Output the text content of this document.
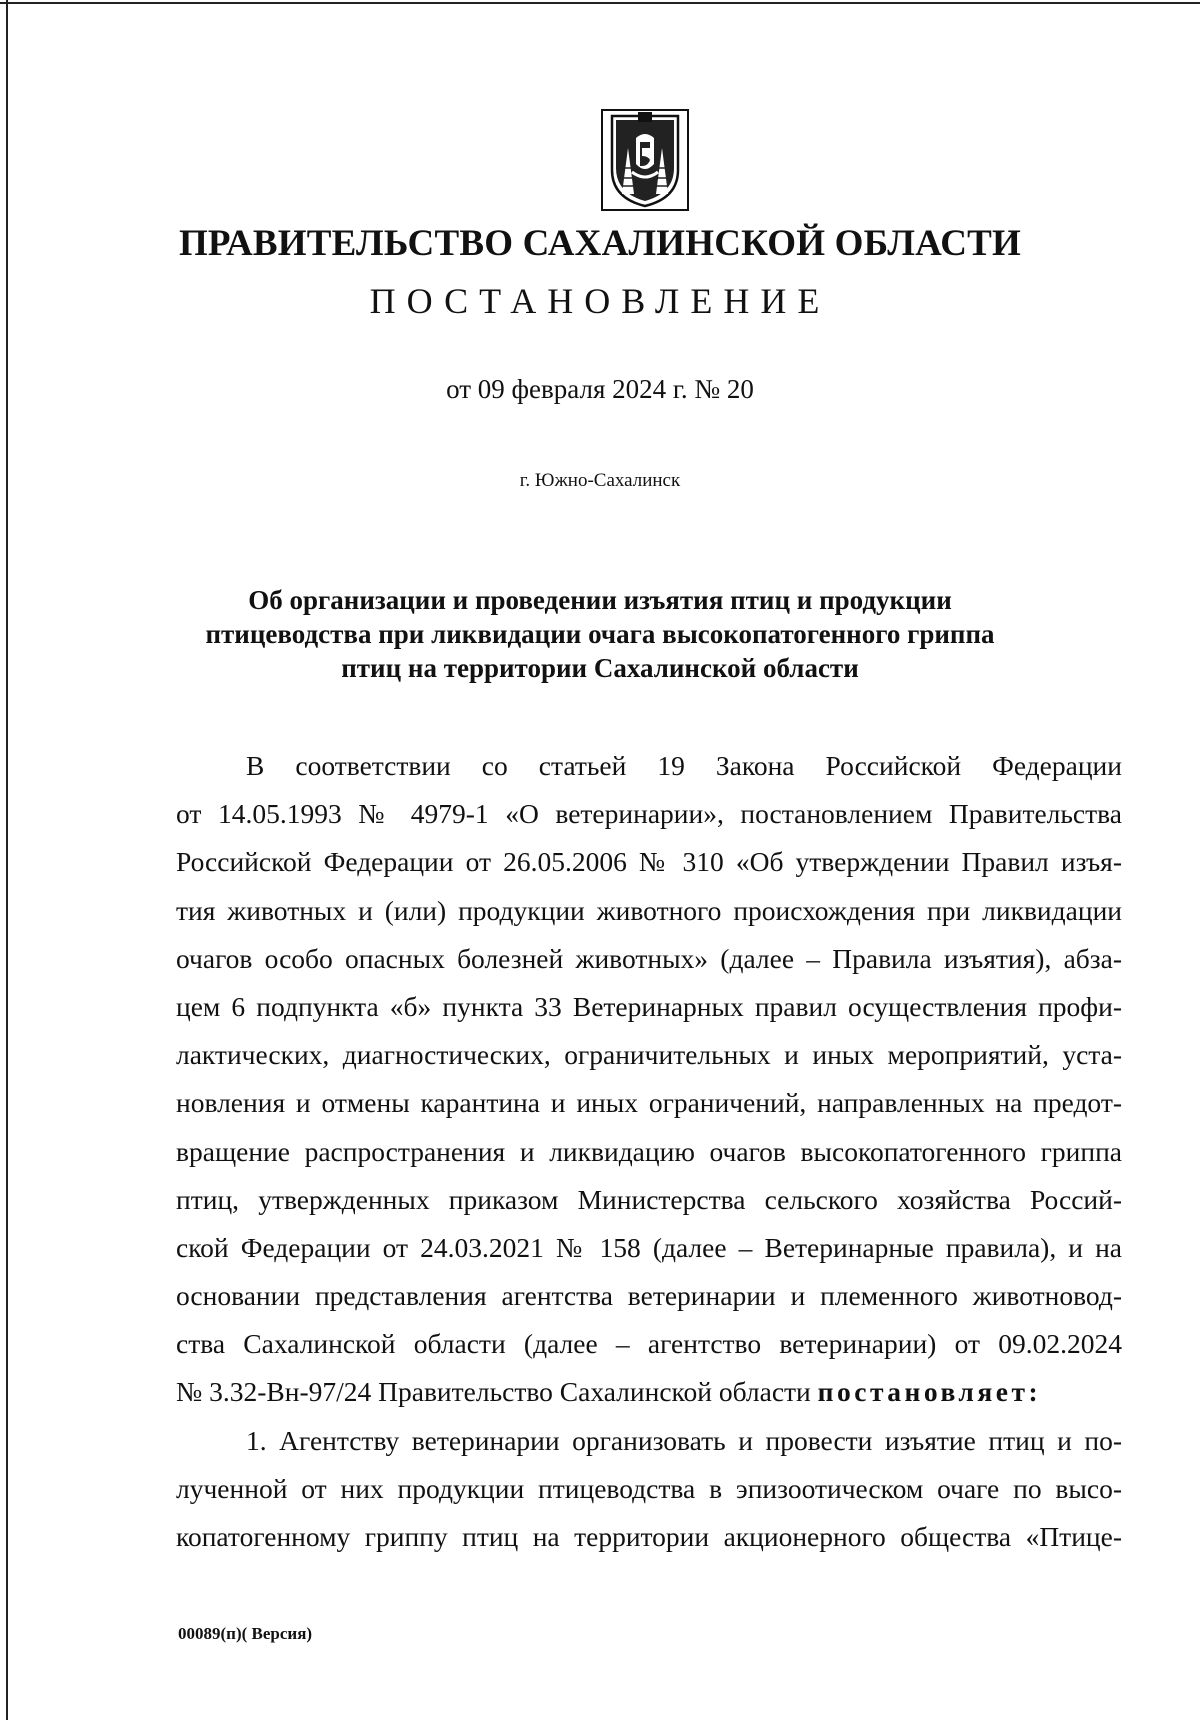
ПРАВИТЕЛЬСТВО САХАЛИНСКОЙ ОБЛАСТИ
ПОСТАНОВЛЕНИЕ
от 09 февраля 2024 г. № 20
г. Южно-Сахалинск
Об организации и проведении изъятия птиц и продукции
птицеводства при ликвидации очага высокопатогенного гриппа
птиц на территории Сахалинской области
В соответствии со статьей 19 Закона Российской Федерации
от 14.05.1993 № 4979-1 «О ветеринарии», постановлением Правительства
Российской Федерации от 26.05.2006 № 310 «Об утверждении Правил изъя-
тия животных и (или) продукции животного происхождения при ликвидации
очагов особо опасных болезней животных» (далее – Правила изъятия), абза-
цем 6 подпункта «б» пункта 33 Ветеринарных правил осуществления профи-
лактических, диагностических, ограничительных и иных мероприятий, уста-
новления и отмены карантина и иных ограничений, направленных на предот-
вращение распространения и ликвидацию очагов высокопатогенного гриппа
птиц, утвержденных приказом Министерства сельского хозяйства Россий-
ской Федерации от 24.03.2021 № 158 (далее – Ветеринарные правила), и на
основании представления агентства ветеринарии и племенного животновод-
ства Сахалинской области (далее – агентство ветеринарии) от 09.02.2024
№ 3.32-Вн-97/24 Правительство Сахалинской области постановляет:
1. Агентству ветеринарии организовать и провести изъятие птиц и по-
лученной от них продукции птицеводства в эпизоотическом очаге по высо-
копатогенному гриппу птиц на территории акционерного общества «Птице-
00089(п)( Версия)
